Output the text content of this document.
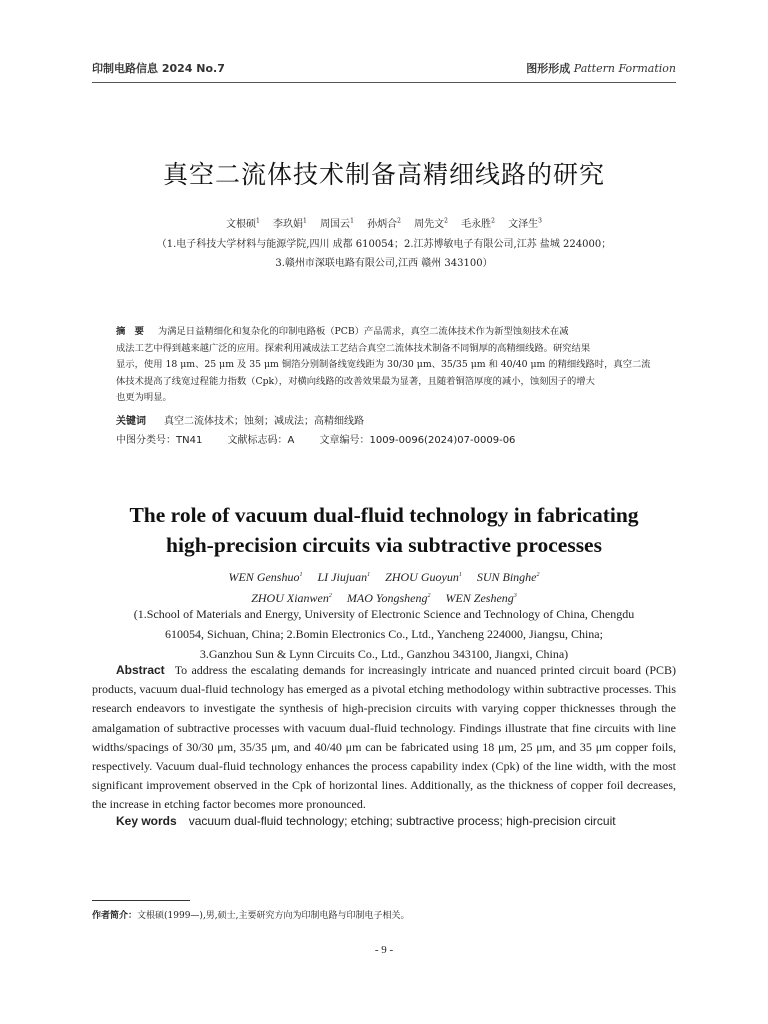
印制电路信息 2024 No.7	图形形成 Pattern Formation
真空二流体技术制备高精细线路的研究
文根硕$^1$　 李玖娟$^1$　 周国云$^1$　 孙炳合$^2$　 周先文$^2$　 毛永胜$^2$　 文泽生$^3$
（1.电子科技大学材料与能源学院,四川 成都 610054；2.江苏博敏电子有限公司,江苏 盐城 224000；
3.赣州市深联电路有限公司,江西 赣州 343100）
摘　要 为满足日益精细化和复杂化的印制电路板（PCB）产品需求，真空二流体技术作为新型蚀刻技术在减
成法工艺中得到越来越广泛的应用。探索利用减成法工艺结合真空二流体技术制备不同铜厚的高精细线路。研究结果
显示，使用 18 μm、25 μm 及 35 μm 铜箔分别制备线宽线距为 30/30 μm、35/35 μm 和 40/40 μm 的精细线路时，真空二流
体技术提高了线宽过程能力指数（Cpk），对横向线路的改善效果最为显著，且随着铜箔厚度的减小，蚀刻因子的增大
也更为明显。
关键词 真空二流体技术；蚀刻；减成法；高精细线路
中图分类号：TN41	文献标志码：A	文章编号：1009-0096(2024)07-0009-06
The role of vacuum dual-fluid technology in fabricating
high-precision circuits via subtractive processes
WEN Genshuo$^1$ LI Jiujuan$^1$ ZHOU Guoyun$^1$ SUN Binghe$^2$
ZHOU Xianwen$^2$ MAO Yongsheng$^2$ WEN Zesheng$^3$
(1.School of Materials and Energy, University of Electronic Science and Technology of China, Chengdu
610054, Sichuan, China; 2.Bomin Electronics Co., Ltd., Yancheng 224000, Jiangsu, China;
3.Ganzhou Sun & Lynn Circuits Co., Ltd., Ganzhou 343100, Jiangxi, China)
Abstract To address the escalating demands for increasingly intricate and nuanced printed circuit board (PCB) products, vacuum dual-fluid technology has emerged as a pivotal etching methodology within subtractive processes. This research endeavors to investigate the synthesis of high-precision circuits with varying copper thicknesses through the amalgamation of subtractive processes with vacuum dual-fluid technology. Findings illustrate that fine circuits with line widths/spacings of 30/30 μm, 35/35 μm, and 40/40 μm can be fabricated using 18 μm, 25 μm, and 35 μm copper foils, respectively. Vacuum dual-fluid technology enhances the process capability index (Cpk) of the line width, with the most significant improvement observed in the Cpk of horizontal lines. Additionally, as the thickness of copper foil decreases, the increase in etching factor becomes more pronounced.
Key words vacuum dual-fluid technology; etching; subtractive process; high-precision circuit
作者简介：文根硕(1999—),男,硕士,主要研究方向为印制电路与印制电子相关。
- 9 -
